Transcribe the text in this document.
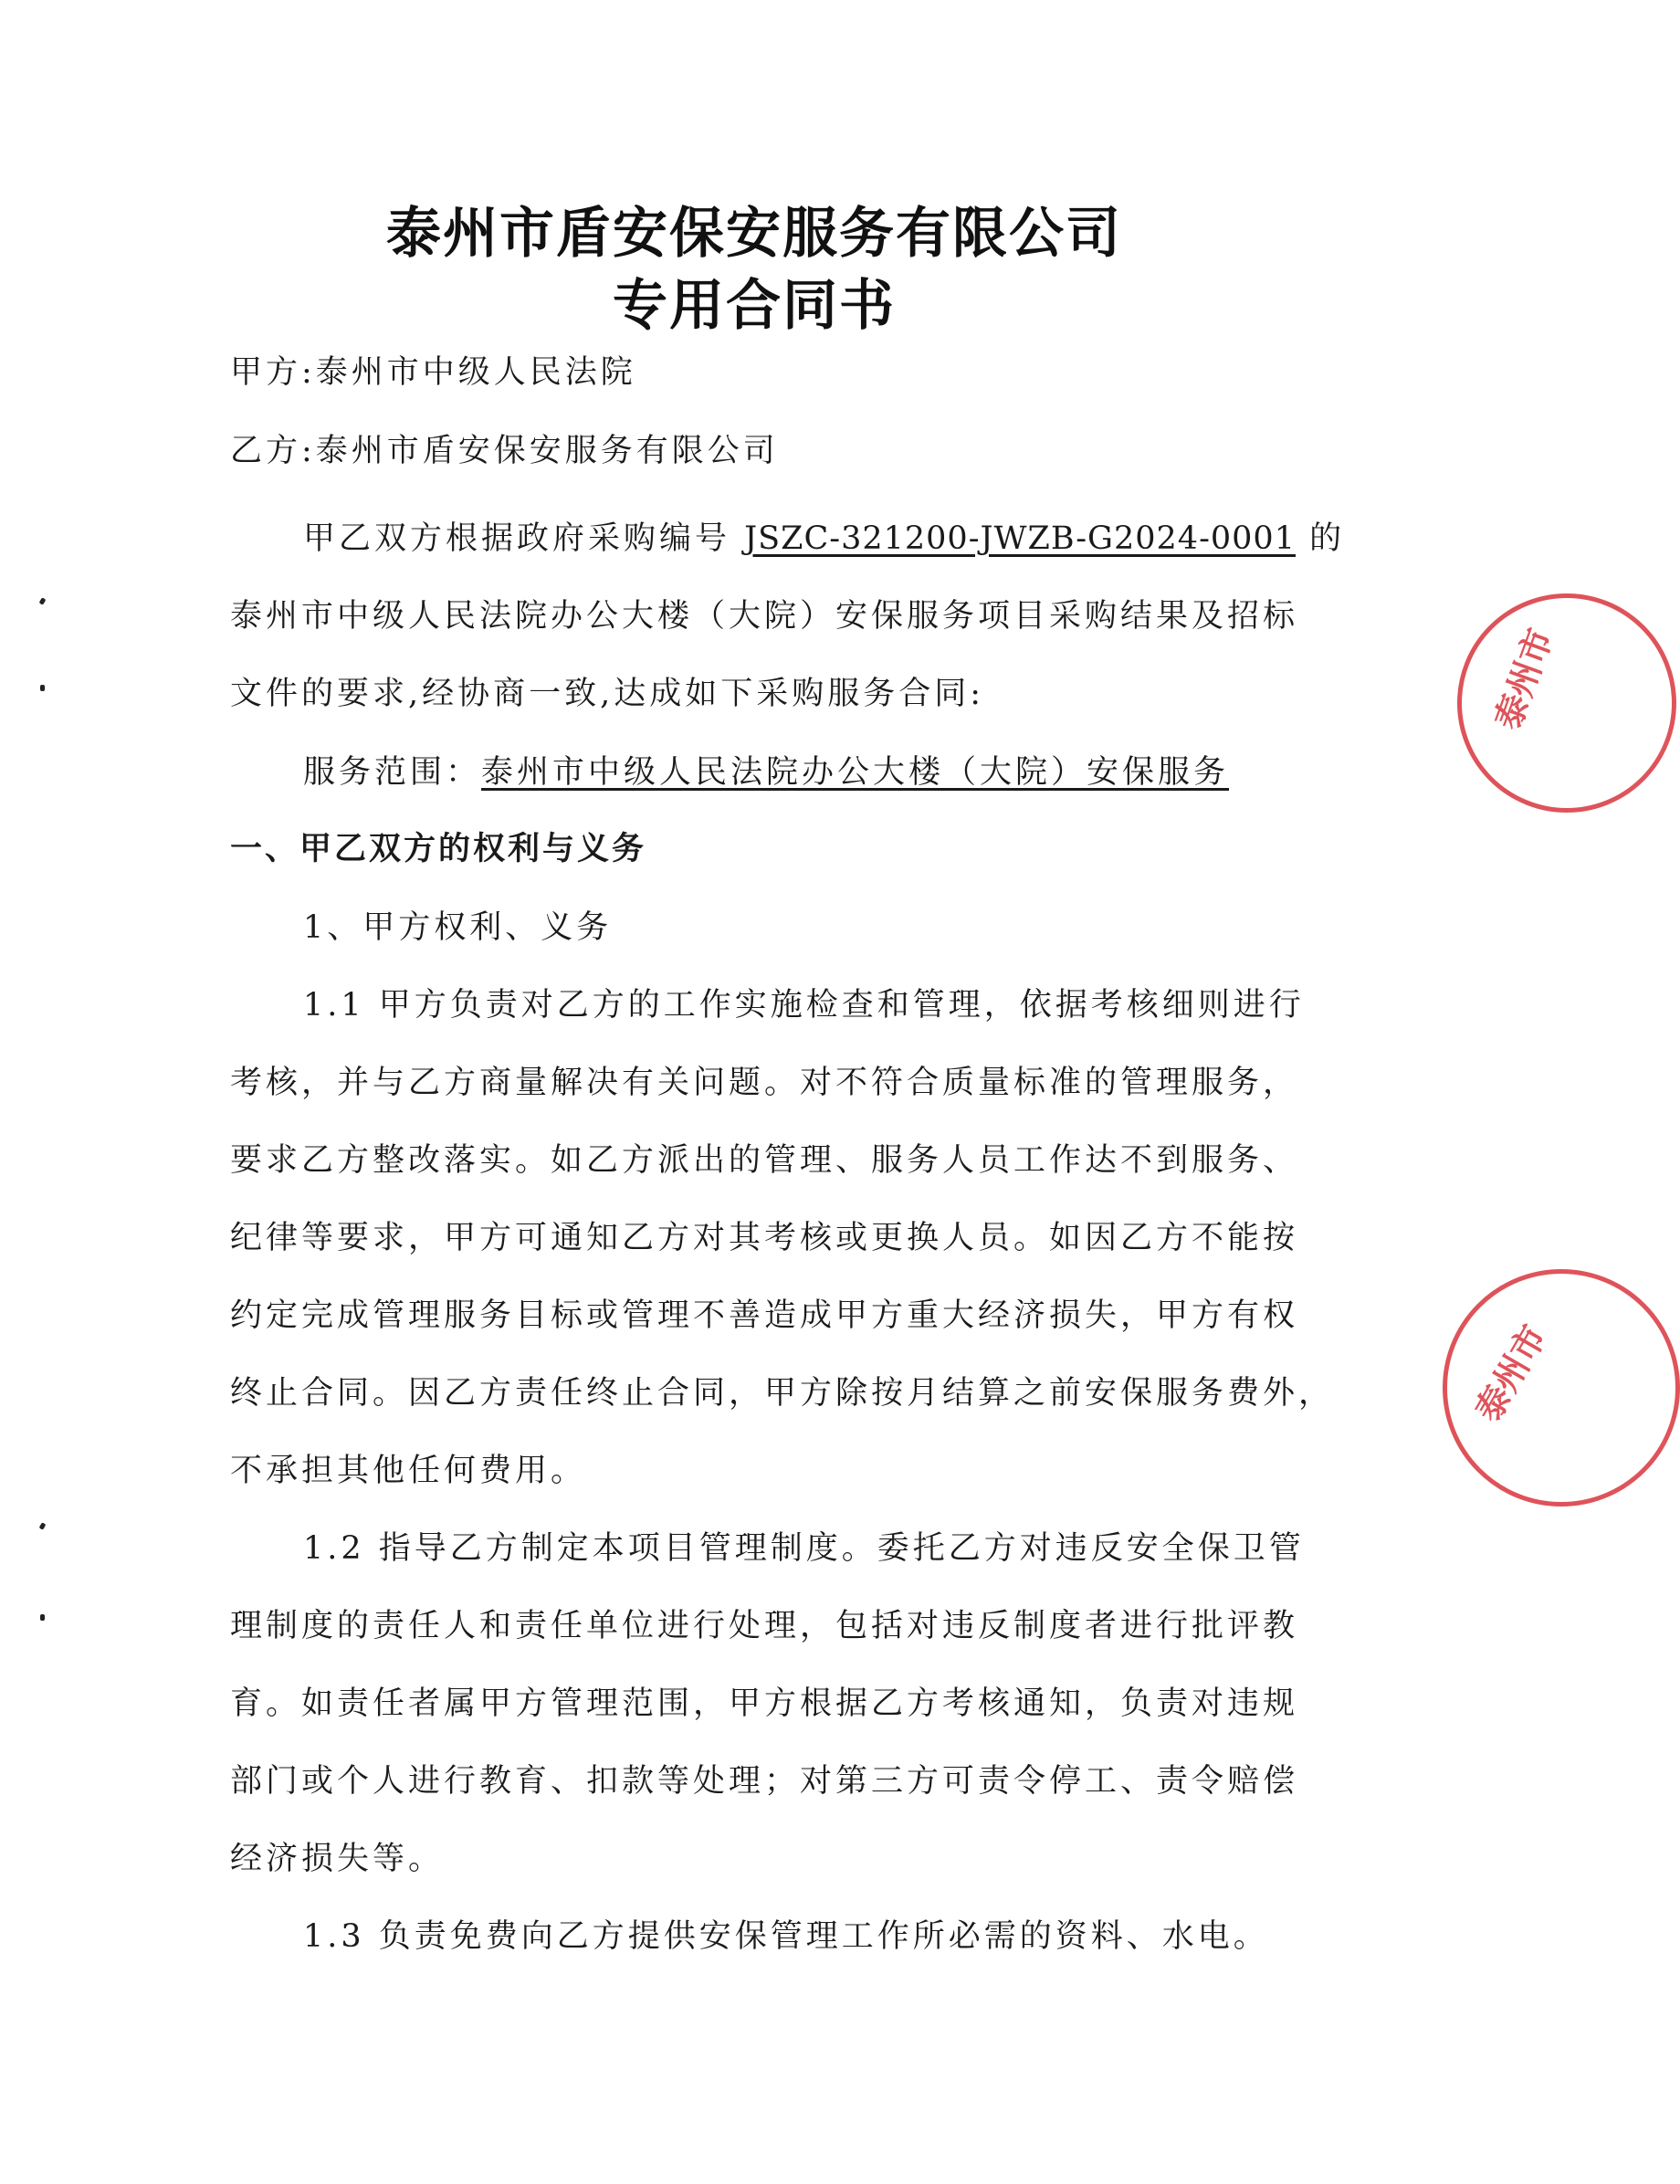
泰州市盾安保安服务有限公司
专用合同书
甲方:泰州市中级人民法院
乙方:泰州市盾安保安服务有限公司
甲乙双方根据政府采购编号 JSZC-321200-JWZB-G2024-0001 的
泰州市中级人民法院办公大楼（大院）安保服务项目采购结果及招标
文件的要求,经协商一致,达成如下采购服务合同:
服务范围：泰州市中级人民法院办公大楼（大院）安保服务
一、甲乙双方的权利与义务
1、甲方权利、义务
1.1 甲方负责对乙方的工作实施检查和管理，依据考核细则进行
考核，并与乙方商量解决有关问题。对不符合质量标准的管理服务，
要求乙方整改落实。如乙方派出的管理、服务人员工作达不到服务、
纪律等要求，甲方可通知乙方对其考核或更换人员。如因乙方不能按
约定完成管理服务目标或管理不善造成甲方重大经济损失，甲方有权
终止合同。因乙方责任终止合同，甲方除按月结算之前安保服务费外，
不承担其他任何费用。
1.2 指导乙方制定本项目管理制度。委托乙方对违反安全保卫管
理制度的责任人和责任单位进行处理，包括对违反制度者进行批评教
育。如责任者属甲方管理范围，甲方根据乙方考核通知，负责对违规
部门或个人进行教育、扣款等处理；对第三方可责令停工、责令赔偿
经济损失等。
1.3 负责免费向乙方提供安保管理工作所必需的资料、水电。
泰州市
泰州市
